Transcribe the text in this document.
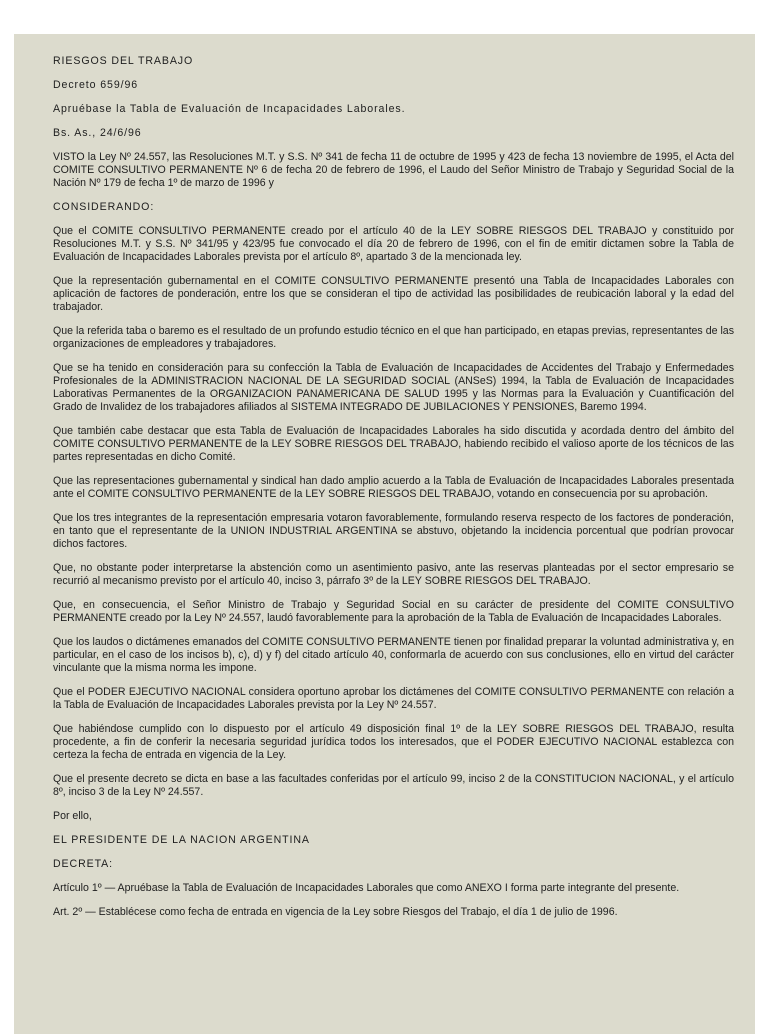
RIESGOS DEL TRABAJO

Decreto 659/96

Apruébase la Tabla de Evaluación de Incapacidades Laborales.

Bs. As., 24/6/96

VISTO la Ley Nº 24.557, las Resoluciones M.T. y S.S. Nº 341 de fecha 11 de octubre de 1995 y 423 de fecha 13 noviembre de 1995, el Acta del COMITE CONSULTIVO PERMANENTE Nº 6 de fecha 20 de febrero de 1996, el Laudo del Señor Ministro de Trabajo y Seguridad Social de la Nación Nº 179 de fecha 1º de marzo de 1996 y

CONSIDERANDO:

Que el COMITE CONSULTIVO PERMANENTE creado por el artículo 40 de la LEY SOBRE RIESGOS DEL TRABAJO y constituido por Resoluciones M.T. y S.S. Nº 341/95 y 423/95 fue convocado el día 20 de febrero de 1996, con el fin de emitir dictamen sobre la Tabla de Evaluación de Incapacidades Laborales prevista por el artículo 8º, apartado 3 de la mencionada ley.

Que la representación gubernamental en el COMITE CONSULTIVO PERMANENTE presentó una Tabla de Incapacidades Laborales con aplicación de factores de ponderación, entre los que se consideran el tipo de actividad las posibilidades de reubicación laboral y la edad del trabajador.

Que la referida taba o baremo es el resultado de un profundo estudio técnico en el que han participado, en etapas previas, representantes de las organizaciones de empleadores y trabajadores.

Que se ha tenido en consideración para su confección la Tabla de Evaluación de Incapacidades de Accidentes del Trabajo y Enfermedades Profesionales de la ADMINISTRACION NACIONAL DE LA SEGURIDAD SOCIAL (ANSeS) 1994, la Tabla de Evaluación de Incapacidades Laborativas Permanentes de la ORGANIZACION PANAMERICANA DE SALUD 1995 y las Normas para la Evaluación y Cuantificación del Grado de Invalidez de los trabajadores afiliados al SISTEMA INTEGRADO DE JUBILACIONES Y PENSIONES, Baremo 1994.

Que también cabe destacar que esta Tabla de Evaluación de Incapacidades Laborales ha sido discutida y acordada dentro del ámbito del COMITE CONSULTIVO PERMANENTE de la LEY SOBRE RIESGOS DEL TRABAJO, habiendo recibido el valioso aporte de los técnicos de las partes representadas en dicho Comité.

Que las representaciones gubernamental y sindical han dado amplio acuerdo a la Tabla de Evaluación de Incapacidades Laborales presentada ante el COMITE CONSULTIVO PERMANENTE de la LEY SOBRE RIESGOS DEL TRABAJO, votando en consecuencia por su aprobación.

Que los tres integrantes de la representación empresaria votaron favorablemente, formulando reserva respecto de los factores de ponderación, en tanto que el representante de la UNION INDUSTRIAL ARGENTINA se abstuvo, objetando la incidencia porcentual que podrían provocar dichos factores.

Que, no obstante poder interpretarse la abstención como un asentimiento pasivo, ante las reservas planteadas por el sector empresario se recurrió al mecanismo previsto por el artículo 40, inciso 3, párrafo 3º de la LEY SOBRE RIESGOS DEL TRABAJO.

Que, en consecuencia, el Señor Ministro de Trabajo y Seguridad Social en su carácter de presidente del COMITE CONSULTIVO PERMANENTE creado por la Ley Nº 24.557, laudó favorablemente para la aprobación de la Tabla de Evaluación de Incapacidades Laborales.

Que los laudos o dictámenes emanados del COMITE CONSULTIVO PERMANENTE tienen por finalidad preparar la voluntad administrativa y, en particular, en el caso de los incisos b), c), d) y f) del citado artículo 40, conformarla de acuerdo con sus conclusiones, ello en virtud del carácter vinculante que la misma norma les impone.

Que el PODER EJECUTIVO NACIONAL considera oportuno aprobar los dictámenes del COMITE CONSULTIVO PERMANENTE con relación a la Tabla de Evaluación de Incapacidades Laborales prevista por la Ley Nº 24.557.

Que habiéndose cumplido con lo dispuesto por el artículo 49 disposición final 1º de la LEY SOBRE RIESGOS DEL TRABAJO, resulta procedente, a fin de conferir la necesaria seguridad jurídica todos los interesados, que el PODER EJECUTIVO NACIONAL establezca con certeza la fecha de entrada en vigencia de la Ley.

Que el presente decreto se dicta en base a las facultades conferidas por el artículo 99, inciso 2 de la CONSTITUCION NACIONAL, y el artículo 8º, inciso 3 de la Ley Nº 24.557.

Por ello,

EL PRESIDENTE DE LA NACION ARGENTINA

DECRETA:

Artículo 1º — Apruébase la Tabla de Evaluación de Incapacidades Laborales que como ANEXO I forma parte integrante del presente.

Art. 2º — Establécese como fecha de entrada en vigencia de la Ley sobre Riesgos del Trabajo, el día 1 de julio de 1996.
